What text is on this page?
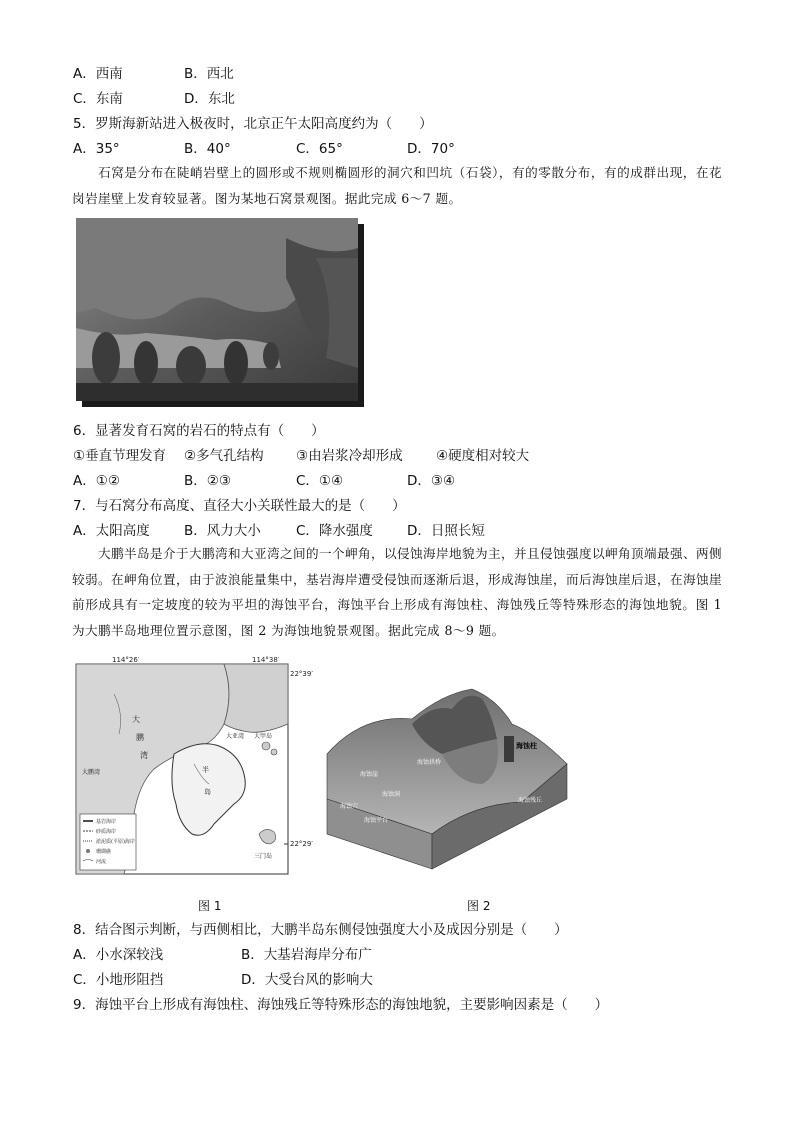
A．西南	B．西北
C．东南	D．东北
5．罗斯海新站进入极夜时，北京正午太阳高度约为（　　）
A．35°	B．40°	C．65°	D．70°
石窝是分布在陡峭岩壁上的圆形或不规则椭圆形的洞穴和凹坑（石袋），有的零散分布，有的成群出现，在花岗岩崖壁上发育较显著。图为某地石窝景观图。据此完成 6～7 题。
6．显著发育石窝的岩石的特点有（　　）
①垂直节理发育 ②多气孔结构 ③由岩浆冷却形成 ④硬度相对较大
A．①②	B．②③	C．①④	D．③④
7．与石窝分布高度、直径大小关联性最大的是（　　）
A．太阳高度	B．风力大小	C．降水强度	D．日照长短
大鹏半岛是介于大鹏湾和大亚湾之间的一个岬角，以侵蚀海岸地貌为主，并且侵蚀强度以岬角顶端最强、两侧较弱。在岬角位置，由于波浪能量集中，基岩海岸遭受侵蚀而逐渐后退，形成海蚀崖，而后海蚀崖后退，在海蚀崖前形成具有一定坡度的较为平坦的海蚀平台，海蚀平台上形成有海蚀柱、海蚀残丘等特殊形态的海蚀地貌。图 1 为大鹏半岛地理位置示意图，图 2 为海蚀地貌景观图。据此完成 8～9 题。
114°26′	114°38′
22°39′
22°29′
大
鹏
湾
大鹏湾
大亚湾 大甲岛
半
岛
三门岛
基岩海岸
砂质海岸
淤泥质(平原)海岸
珊瑚礁
河流
海蚀柱
海蚀崖
海蚀洞
海蚀拱桥
海蚀穴
海蚀平台
海蚀残丘
图 1	图 2
8．结合图示判断，与西侧相比，大鹏半岛东侧侵蚀强度大小及成因分别是（　　）
A．小水深较浅	B．大基岩海岸分布广
C．小地形阻挡	D．大受台风的影响大
9．海蚀平台上形成有海蚀柱、海蚀残丘等特殊形态的海蚀地貌，主要影响因素是（　　）
